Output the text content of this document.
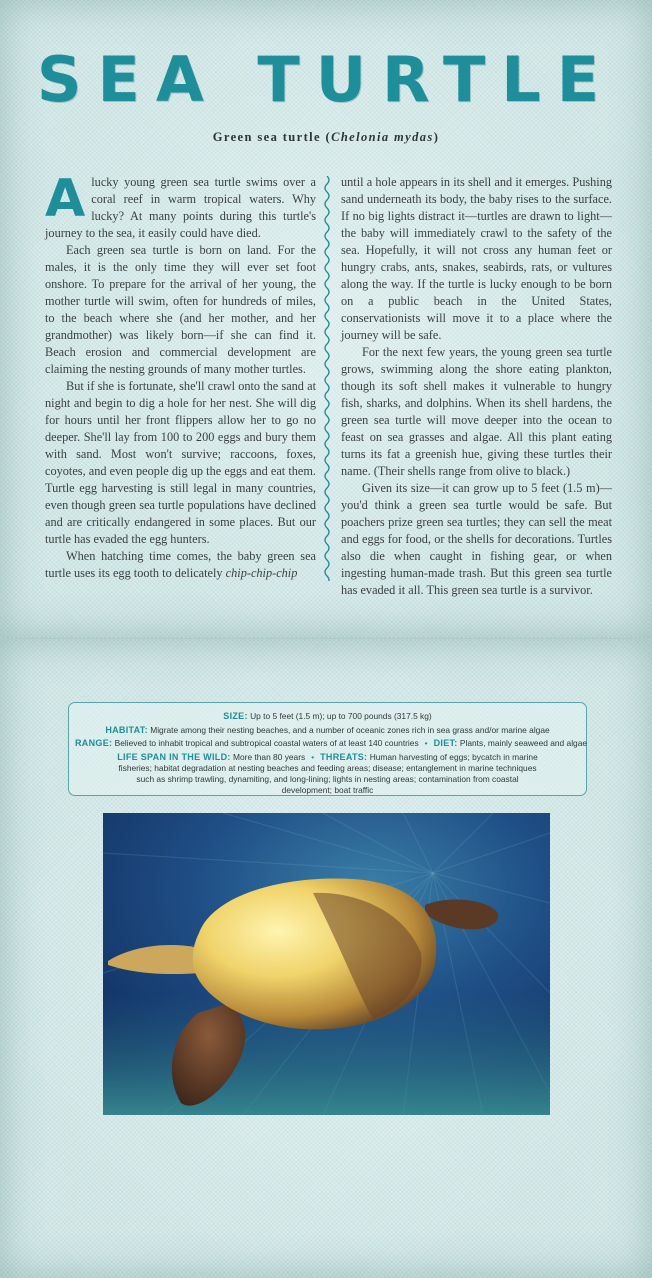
SEA TURTLE

Green sea turtle (Chelonia mydas)

Alucky young green sea turtle swims over a coral reef in warm tropical waters. Why lucky? At many points during this turtle's journey to the sea, it easily could have died.

Each green sea turtle is born on land. For the males, it is the only time they will ever set foot onshore. To prepare for the arrival of her young, the mother turtle will swim, often for hundreds of miles, to the beach where she (and her mother, and her grandmother) was likely born—if she can find it. Beach erosion and commercial development are claiming the nesting grounds of many mother turtles.

But if she is fortunate, she'll crawl onto the sand at night and begin to dig a hole for her nest. She will dig for hours until her front flippers allow her to go no deeper. She'll lay from 100 to 200 eggs and bury them with sand. Most won't survive; raccoons, foxes, coyotes, and even people dig up the eggs and eat them. Turtle egg harvesting is still legal in many countries, even though green sea turtle populations have declined and are critically endangered in some places. But our turtle has evaded the egg hunters.

When hatching time comes, the baby green sea turtle uses its egg tooth to delicately chip-chip-chip

until a hole appears in its shell and it emerges. Pushing sand underneath its body, the baby rises to the surface. If no big lights distract it—turtles are drawn to light—the baby will immediately crawl to the safety of the sea. Hopefully, it will not cross any human feet or hungry crabs, ants, snakes, seabirds, rats, or vultures along the way. If the turtle is lucky enough to be born on a public beach in the United States, conservationists will move it to a place where the journey will be safe.

For the next few years, the young green sea turtle grows, swimming along the shore eating plankton, though its soft shell makes it vulnerable to hungry fish, sharks, and dolphins. When its shell hardens, the green sea turtle will move deeper into the ocean to feast on sea grasses and algae. All this plant eating turns its fat a greenish hue, giving these turtles their name. (Their shells range from olive to black.)

Given its size—it can grow up to 5 feet (1.5 m)—you'd think a green sea turtle would be safe. But poachers prize green sea turtles; they can sell the meat and eggs for food, or the shells for decorations. Turtles also die when caught in fishing gear, or when ingesting human-made trash. But this green sea turtle has evaded it all. This green sea turtle is a survivor.

SIZE: Up to 5 feet (1.5 m); up to 700 pounds (317.5 kg)
HABITAT: Migrate among their nesting beaches, and a number of oceanic zones rich in sea grass and/or marine algae
RANGE: Believed to inhabit tropical and subtropical coastal waters of at least 140 countries • DIET: Plants, mainly seaweed and algae
LIFE SPAN IN THE WILD: More than 80 years • THREATS: Human harvesting of eggs; bycatch in marine fisheries; habitat degradation at nesting beaches and feeding areas; disease; entanglement in marine techniques such as shrimp trawling, dynamiting, and long-lining; lights in nesting areas; contamination from coastal development; boat traffic
